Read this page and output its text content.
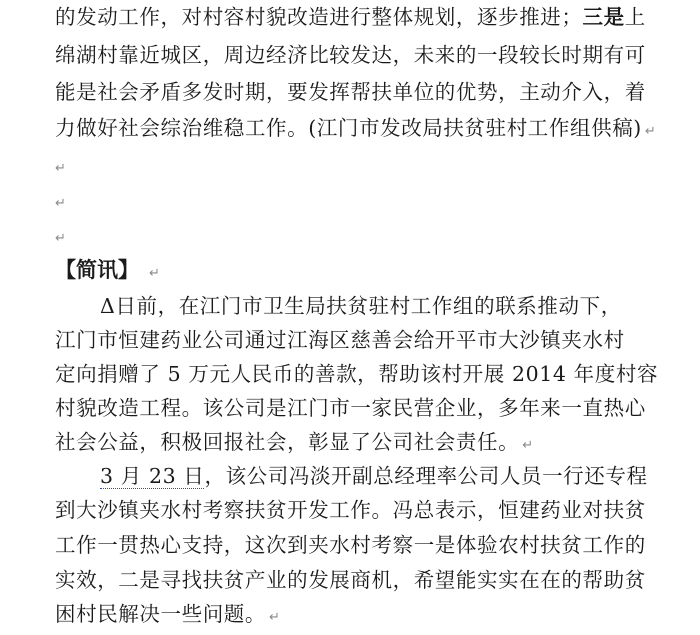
的发动工作，对村容村貌改造进行整体规划，逐步推进；三是上
绵湖村靠近城区，周边经济比较发达，未来的一段较长时期有可
能是社会矛盾多发时期，要发挥帮扶单位的优势，主动介入，着
力做好社会综治维稳工作。(江门市发改局扶贫驻村工作组供稿) ↵
↵
↵
↵
【简讯】 ↵
Δ日前，在江门市卫生局扶贫驻村工作组的联系推动下，
江门市恒建药业公司通过江海区慈善会给开平市大沙镇夹水村
定向捐赠了 5 万元人民币的善款，帮助该村开展 2014 年度村容
村貌改造工程。该公司是江门市一家民营企业，多年来一直热心
社会公益，积极回报社会，彰显了公司社会责任。 ↵
3 月 23 日，该公司冯淡开副总经理率公司人员一行还专程
到大沙镇夹水村考察扶贫开发工作。冯总表示，恒建药业对扶贫
工作一贯热心支持，这次到夹水村考察一是体验农村扶贫工作的
实效，二是寻找扶贫产业的发展商机，希望能实实在在的帮助贫
困村民解决一些问题。 ↵
